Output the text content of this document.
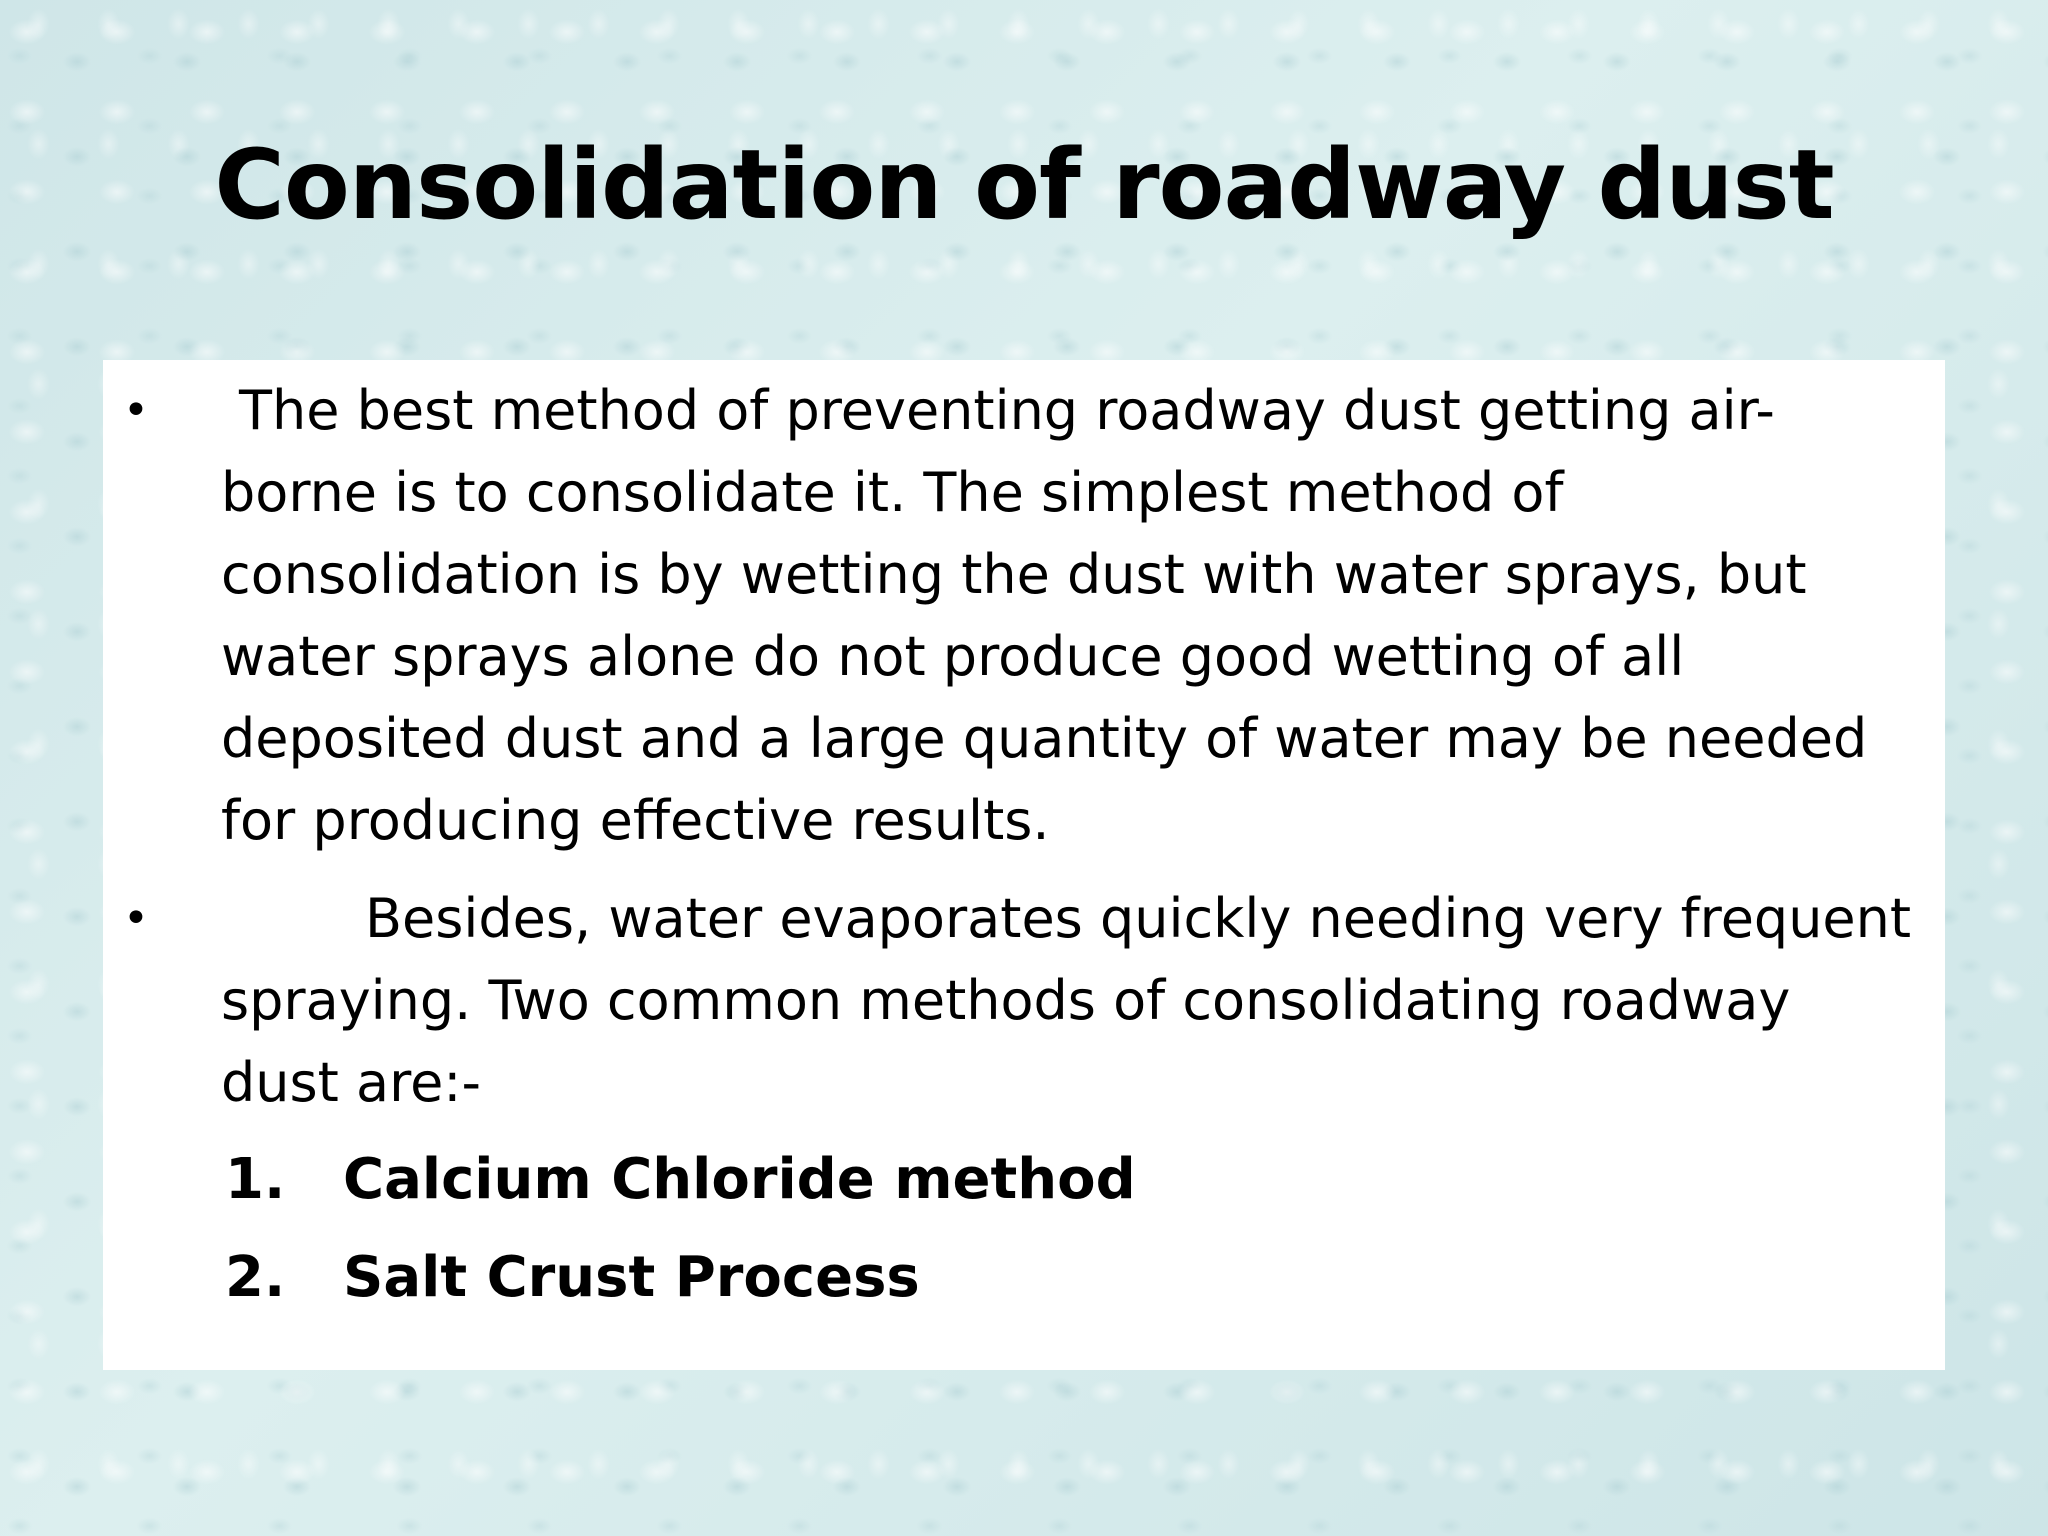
Consolidation of roadway dust
•	The best method of preventing roadway dust getting air-borne is to consolidate it. The simplest method of consolidation is by wetting the dust with water sprays, but water sprays alone do not produce good wetting of all deposited dust and a large quantity of water may be needed for producing effective results.
•	Besides, water evaporates quickly needing very frequent spraying. Two common methods of consolidating roadway dust are:-
1. Calcium Chloride method
2. Salt Crust Process
